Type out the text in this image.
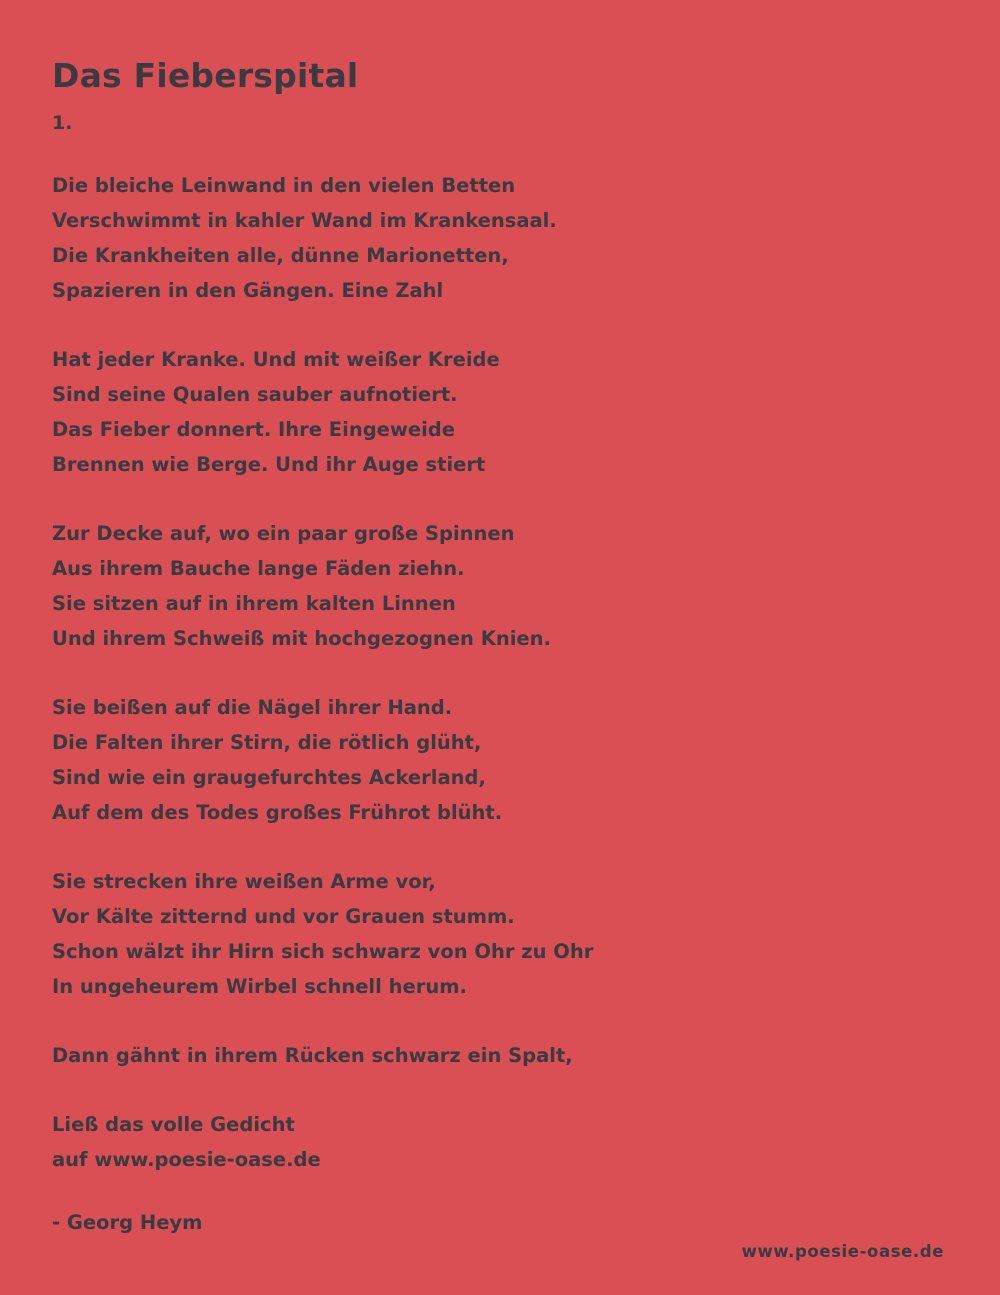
Das Fieberspital
1.
Die bleiche Leinwand in den vielen Betten
Verschwimmt in kahler Wand im Krankensaal.
Die Krankheiten alle, dünne Marionetten,
Spazieren in den Gängen. Eine Zahl
Hat jeder Kranke. Und mit weißer Kreide
Sind seine Qualen sauber aufnotiert.
Das Fieber donnert. Ihre Eingeweide
Brennen wie Berge. Und ihr Auge stiert
Zur Decke auf, wo ein paar große Spinnen
Aus ihrem Bauche lange Fäden ziehn.
Sie sitzen auf in ihrem kalten Linnen
Und ihrem Schweiß mit hochgezognen Knien.
Sie beißen auf die Nägel ihrer Hand.
Die Falten ihrer Stirn, die rötlich glüht,
Sind wie ein graugefurchtes Ackerland,
Auf dem des Todes großes Frührot blüht.
Sie strecken ihre weißen Arme vor,
Vor Kälte zitternd und vor Grauen stumm.
Schon wälzt ihr Hirn sich schwarz von Ohr zu Ohr
In ungeheurem Wirbel schnell herum.
Dann gähnt in ihrem Rücken schwarz ein Spalt,
Ließ das volle Gedicht
auf www.poesie-oase.de
- Georg Heym
www.poesie-oase.de
